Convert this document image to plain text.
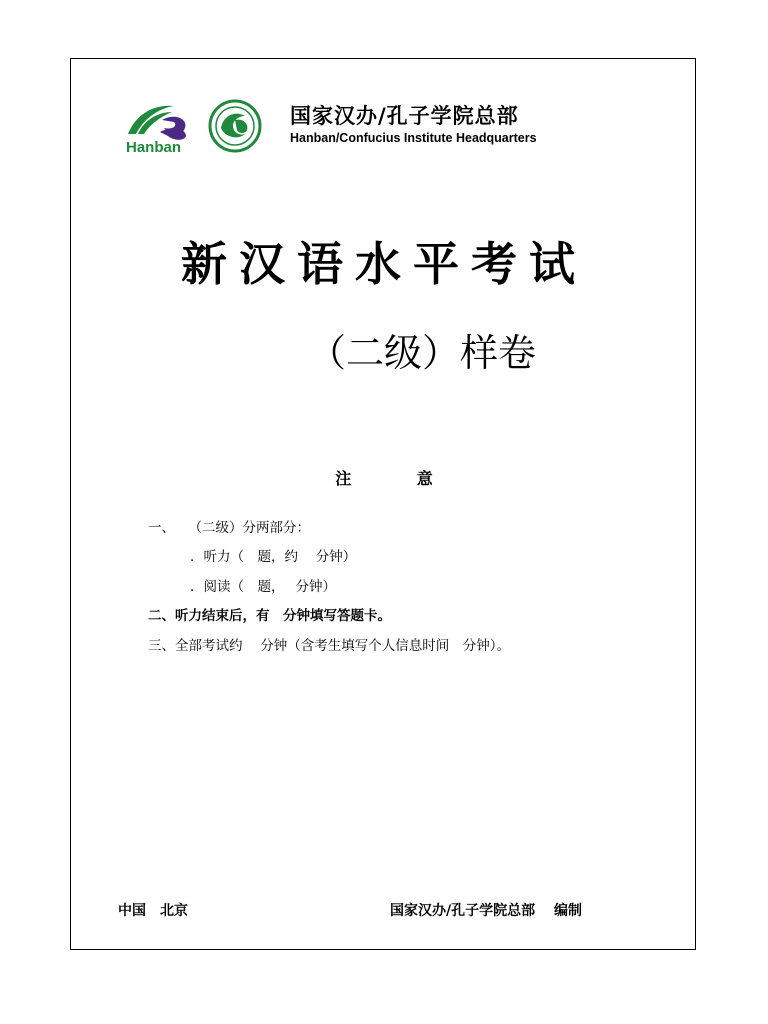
Hanban
国家汉办/孔子学院总部
Hanban/Confucius Institute Headquarters
新汉语水平考试
（二级）样卷
注 意
一、　　（二级）分两部分：
．听力（　题，约　 分钟）
．阅读（　题，　 分钟）
二、听力结束后，有　分钟填写答题卡。
三、全部考试约　 分钟（含考生填写个人信息时间　分钟）。
中国　北京	国家汉办/孔子学院总部　 编制
